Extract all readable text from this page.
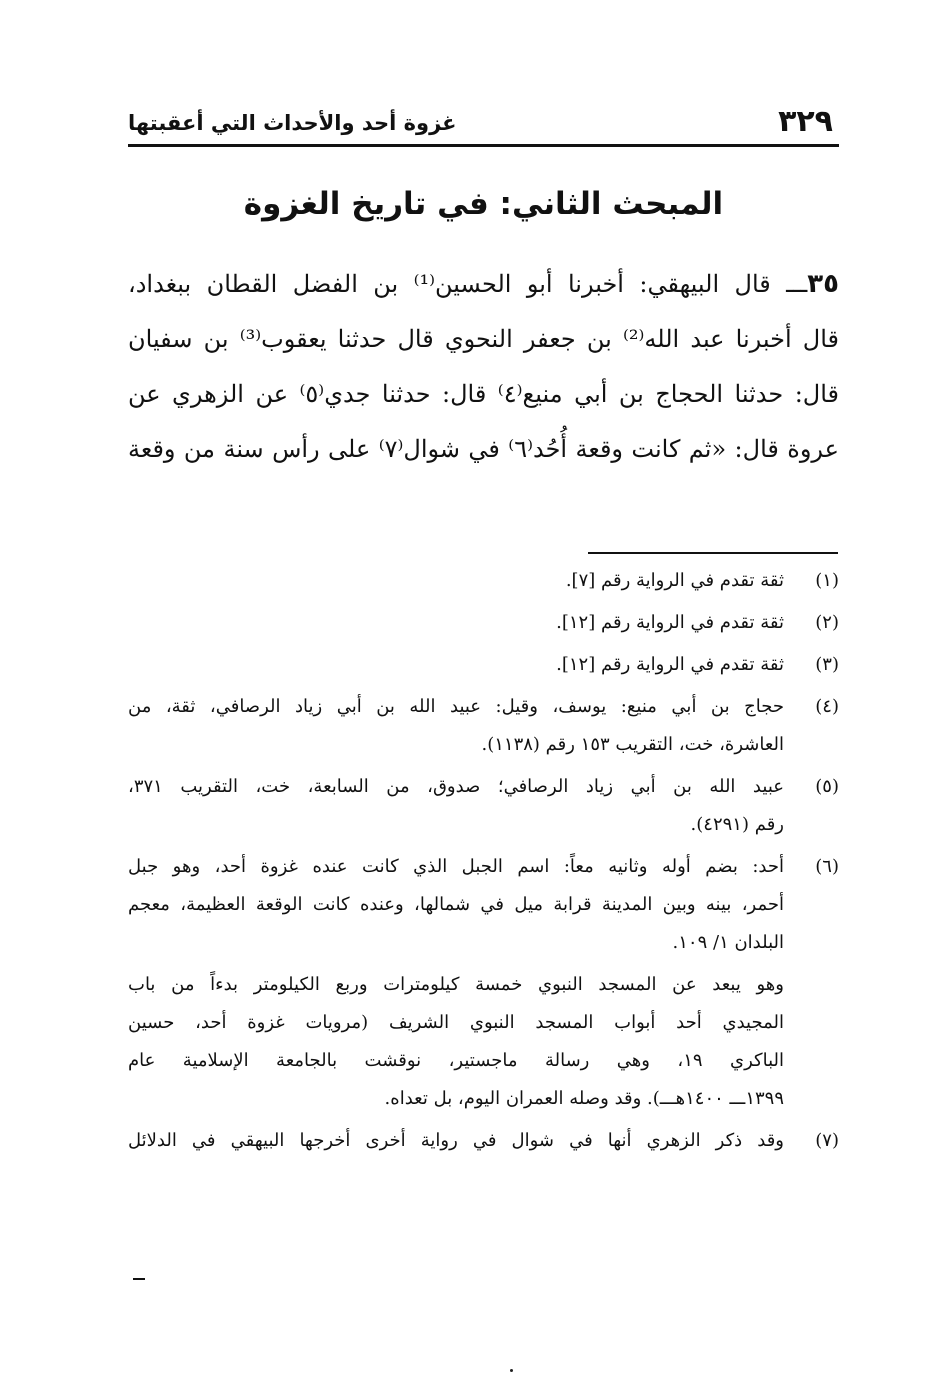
٣٢٩
غزوة أحد والأحداث التي أعقبتها
المبحث الثاني: في تاريخ الغزوة
٣٥ـــ قال البيهقي: أخبرنا أبو الحسين⁽¹⁾ بن الفضل القطان ببغداد،
قال أخبرنا عبد الله⁽²⁾ بن جعفر النحوي قال حدثنا يعقوب⁽³⁾ بن سفيان
قال: حدثنا الحجاج بن أبي منيع⁽٤⁾ قال: حدثنا جدي⁽٥⁾ عن الزهري عن
عروة قال: «ثم كانت وقعة أُحُد⁽٦⁾ في شوال⁽٧⁾ على رأس سنة من وقعة
(١)
ثقة تقدم في الرواية رقم [٧].
(٢)
ثقة تقدم في الرواية رقم [١٢].
(٣)
ثقة تقدم في الرواية رقم [١٢].
(٤)
حجاج بن أبي منيع: يوسف، وقيل: عبيد الله بن أبي زياد الرصافي، ثقة، من
العاشرة، خت، التقريب ١٥٣ رقم (١١٣٨).
(٥)
عبيد الله بن أبي زياد الرصافي؛ صدوق، من السابعة، خت، التقريب ٣٧١،
رقم (٤٢٩١).
(٦)
أحد: بضم أوله وثانيه معاً: اسم الجبل الذي كانت عنده غزوة أحد، وهو جبل
أحمر، بينه وبين المدينة قرابة ميل في شمالها، وعنده كانت الوقعة العظيمة، معجم
البلدان ١/ ١٠٩.
وهو يبعد عن المسجد النبوي خمسة كيلومترات وربع الكيلومتر بدءاً من باب
المجيدي أحد أبواب المسجد النبوي الشريف (مرويات غزوة أحد، حسين
الباكري ١٩، وهي رسالة ماجستير، نوقشت بالجامعة الإسلامية عام
١٣٩٩ـــ ١٤٠٠هـــ). وقد وصله العمران اليوم، بل تعداه.
(٧)
وقد ذكر الزهري أنها في شوال في رواية أخرى أخرجها البيهقي في الدلائل
